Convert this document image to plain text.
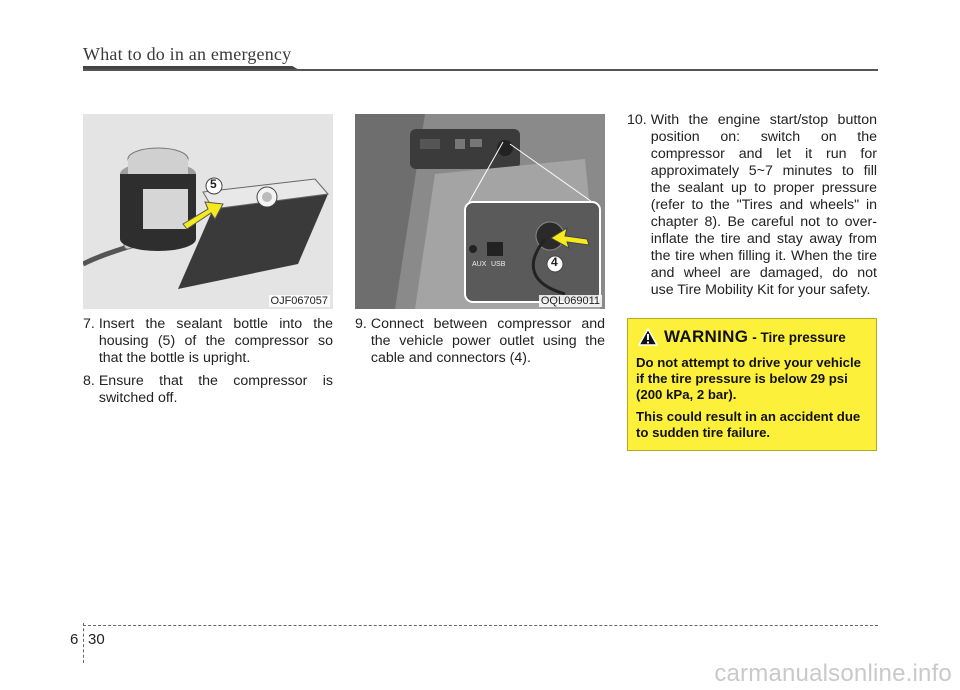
What to do in an emergency
5
OJF067057
4
AUX USB
OQL069011
7. Insert the sealant bottle into the housing (5) of the compressor so that the bottle is upright.
8. Ensure that the compressor is switched off.
9. Connect between compressor and the vehicle power outlet using the cable and connectors (4).
10. With the engine start/stop button position on: switch on the compressor and let it run for approximately 5~7 minutes to fill the sealant up to proper pressure (refer to the "Tires and wheels" in chapter 8). Be careful not to over-inflate the tire and stay away from the tire when filling it. When the tire and wheel are damaged, do not use Tire Mobility Kit for your safety.
WARNING - Tire pressure

Do not attempt to drive your vehicle if the tire pressure is below 29 psi (200 kPa, 2 bar).

This could result in an accident due to sudden tire failure.

6 30
carmanualsonline.info
